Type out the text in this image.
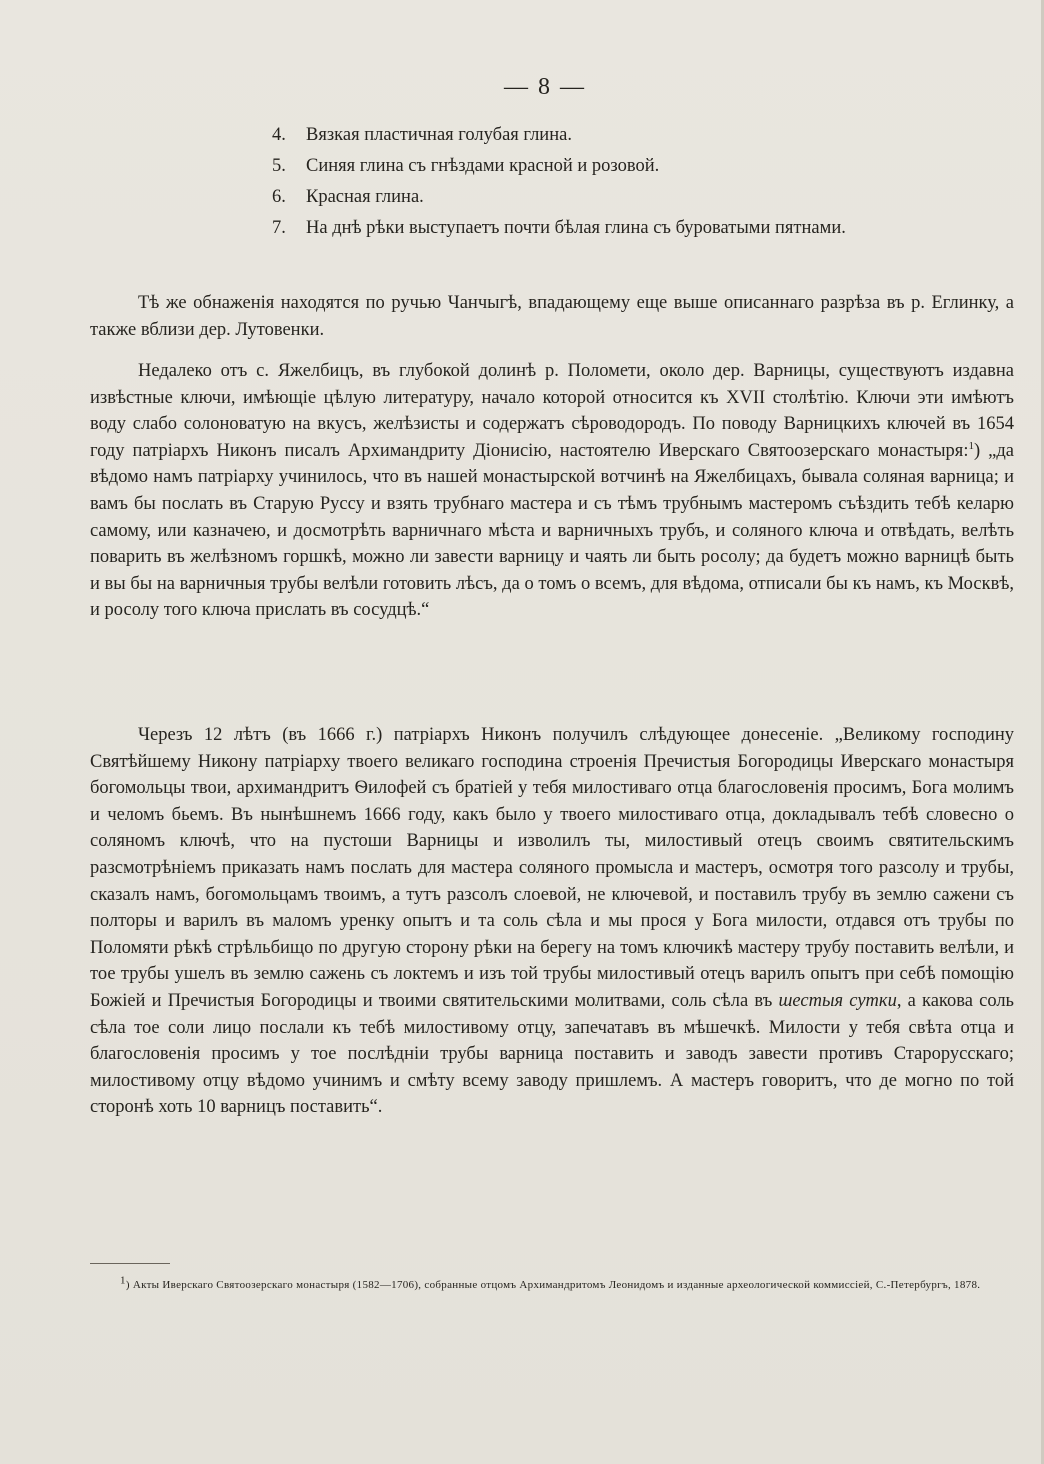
— 8 —
4. Вязкая пластичная голубая глина.
5. Синяя глина съ гнѣздами красной и розовой.
6. Красная глина.
7. На днѣ рѣки выступаетъ почти бѣлая глина съ буроватыми пятнами.

Тѣ же обнаженія находятся по ручью Чанчыгѣ, впадающему еще выше описаннаго разрѣза въ р. Еглинку, а также вблизи дер. Лутовенки.

Недалеко отъ с. Яжелбицъ, въ глубокой долинѣ р. Поломети, около дер. Варницы, существуютъ издавна извѣстные ключи, имѣющіе цѣлую литературу, начало которой относится къ XVII столѣтію. Ключи эти имѣютъ воду слабо солоноватую на вкусъ, желѣзисты и содержатъ сѣроводородъ. По поводу Варницкихъ ключей въ 1654 году патріархъ Никонъ писалъ Архимандриту Діонисію, настоятелю Иверскаго Святоозерскаго монастыря:$^1$) „да вѣдомо намъ патріарху учинилось, что въ нашей монастырской вотчинѣ на Яжелбицахъ, бывала соляная варница; и вамъ бы послать въ Старую Руссу и взять трубнаго мастера и съ тѣмъ трубнымъ мастеромъ съѣздить тебѣ келарю самому, или казначею, и досмотрѣть варничнаго мѣста и варничныхъ трубъ, и соляного ключа и отвѣдать, велѣть поварить въ желѣзномъ горшкѣ, можно ли завести варницу и чаять ли быть росолу; да будетъ можно варницѣ быть и вы бы на варничныя трубы велѣли готовить лѣсъ, да о томъ о всемъ, для вѣдома, отписали бы къ намъ, къ Москвѣ, и росолу того ключа прислать въ сосудцѣ.“

Черезъ 12 лѣтъ (въ 1666 г.) патріархъ Никонъ получилъ слѣдующее донесеніе. „Великому господину Святѣйшему Никону патріарху твоего великаго господина строенія Пречистыя Богородицы Иверскаго монастыря богомольцы твои, архимандритъ Ѳилофей съ братіей у тебя милостиваго отца благословенія просимъ, Бога молимъ и челомъ бьемъ. Въ нынѣшнемъ 1666 году, какъ было у твоего милостиваго отца, докладывалъ тебѣ словесно о соляномъ ключѣ, что на пустоши Варницы и изволилъ ты, милостивый отецъ своимъ святительскимъ разсмотрѣніемъ приказать намъ послать для мастера соляного промысла и мастеръ, осмотря того разсолу и трубы, сказалъ намъ, богомольцамъ твоимъ, а тутъ разсолъ слоевой, не ключевой, и поставилъ трубу въ землю сажени съ полторы и варилъ въ маломъ уренку опытъ и та соль сѣла и мы прося у Бога милости, отдався отъ трубы по Поломяти рѣкѣ стрѣльбищо по другую сторону рѣки на берегу на томъ ключикѣ мастеру трубу поставить велѣли, и тое трубы ушелъ въ землю сажень съ локтемъ и изъ той трубы милостивый отецъ варилъ опытъ при себѣ помощію Божіей и Пречистыя Богородицы и твоими святительскими молитвами, соль сѣла въ шестыя сутки, а какова соль сѣла тое соли лицо послали къ тебѣ милостивому отцу, запечатавъ въ мѣшечкѣ. Милости у тебя свѣта отца и благословенія просимъ у тое послѣдніи трубы варница поставить и заводъ завести противъ Старорусскаго; милостивому отцу вѣдомо учинимъ и смѣту всему заводу пришлемъ. А мастеръ говоритъ, что де могно по той сторонѣ хоть 10 варницъ поставить“.

$^1$) Акты Иверскаго Святоозерскаго монастыря (1582—1706), собранные отцомъ Архимандритомъ Леонидомъ и изданные археологической коммиссіей, С.-Петербургъ, 1878.
